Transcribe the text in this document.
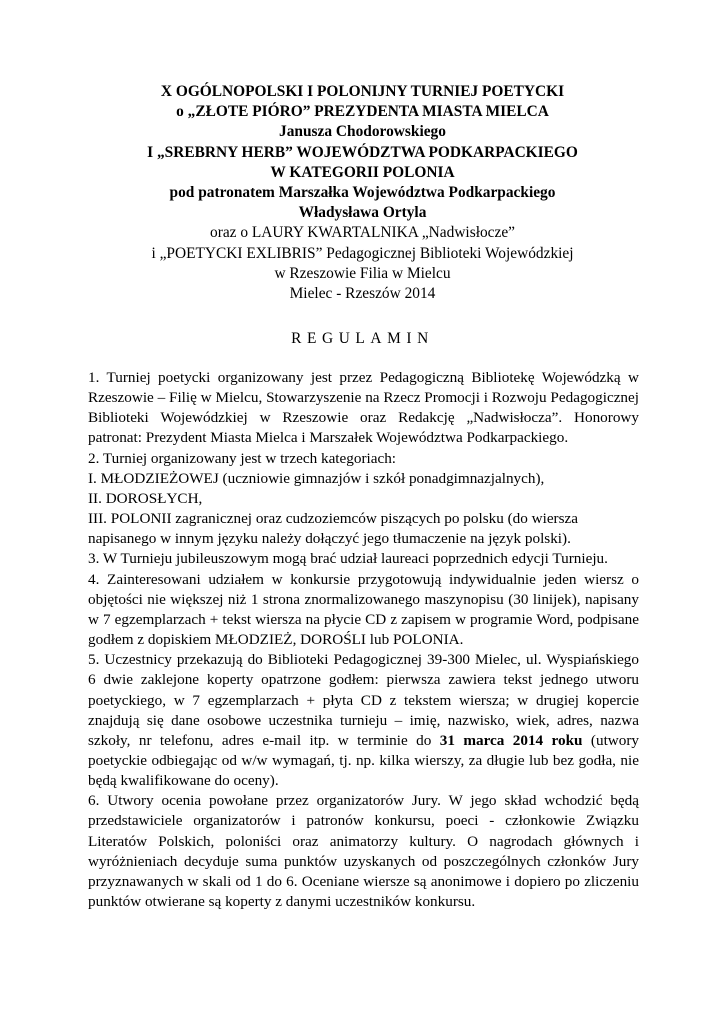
X OGÓLNOPOLSKI I POLONIJNY TURNIEJ POETYCKI
o „ZŁOTE PIÓRO” PREZYDENTA MIASTA MIELCA
Janusza Chodorowskiego
I „SREBRNY HERB” WOJEWÓDZTWA PODKARPACKIEGO
W KATEGORII POLONIA
pod patronatem Marszałka Województwa Podkarpackiego
Władysława Ortyla
oraz o LAURY KWARTALNIKA „Nadwisłocze”
i „POETYCKI EXLIBRIS” Pedagogicznej Biblioteki Wojewódzkiej
w Rzeszowie Filia w Mielcu
Mielec - Rzeszów 2014
REGULAMIN

1. Turniej poetycki organizowany jest przez Pedagogiczną Bibliotekę Wojewódzką w Rzeszowie – Filię w Mielcu, Stowarzyszenie na Rzecz Promocji i Rozwoju Pedagogicznej Biblioteki Wojewódzkiej w Rzeszowie oraz Redakcję „Nadwisłocza”. Honorowy patronat: Prezydent Miasta Mielca i Marszałek Województwa Podkarpackiego.

2. Turniej organizowany jest w trzech kategoriach:

I. MŁODZIEŻOWEJ (uczniowie gimnazjów i szkół ponadgimnazjalnych),

II. DOROSŁYCH,

III. POLONII zagranicznej oraz cudzoziemców piszących po polsku (do wiersza napisanego w innym języku należy dołączyć jego tłumaczenie na język polski).

3. W Turnieju jubileuszowym mogą brać udział laureaci poprzednich edycji Turnieju.

4. Zainteresowani udziałem w konkursie przygotowują indywidualnie jeden wiersz o objętości nie większej niż 1 strona znormalizowanego maszynopisu (30 linijek), napisany w 7 egzemplarzach + tekst wiersza na płycie CD z zapisem w programie Word, podpisane godłem z dopiskiem MŁODZIEŻ, DOROŚLI lub POLONIA.

5. Uczestnicy przekazują do Biblioteki Pedagogicznej 39-300 Mielec, ul. Wyspiańskiego 6 dwie zaklejone koperty opatrzone godłem: pierwsza zawiera tekst jednego utworu poetyckiego, w 7 egzemplarzach + płyta CD z tekstem wiersza; w drugiej kopercie znajdują się dane osobowe uczestnika turnieju – imię, nazwisko, wiek, adres, nazwa szkoły, nr telefonu, adres e-mail itp. w terminie do 31 marca 2014 roku (utwory poetyckie odbiegając od w/w wymagań, tj. np. kilka wierszy, za długie lub bez godła, nie będą kwalifikowane do oceny).

6. Utwory ocenia powołane przez organizatorów Jury. W jego skład wchodzić będą przedstawiciele organizatorów i patronów konkursu, poeci - członkowie Związku Literatów Polskich, poloniści oraz animatorzy kultury. O nagrodach głównych i wyróżnieniach decyduje suma punktów uzyskanych od poszczególnych członków Jury przyznawanych w skali od 1 do 6. Oceniane wiersze są anonimowe i dopiero po zliczeniu punktów otwierane są koperty z danymi uczestników konkursu.
